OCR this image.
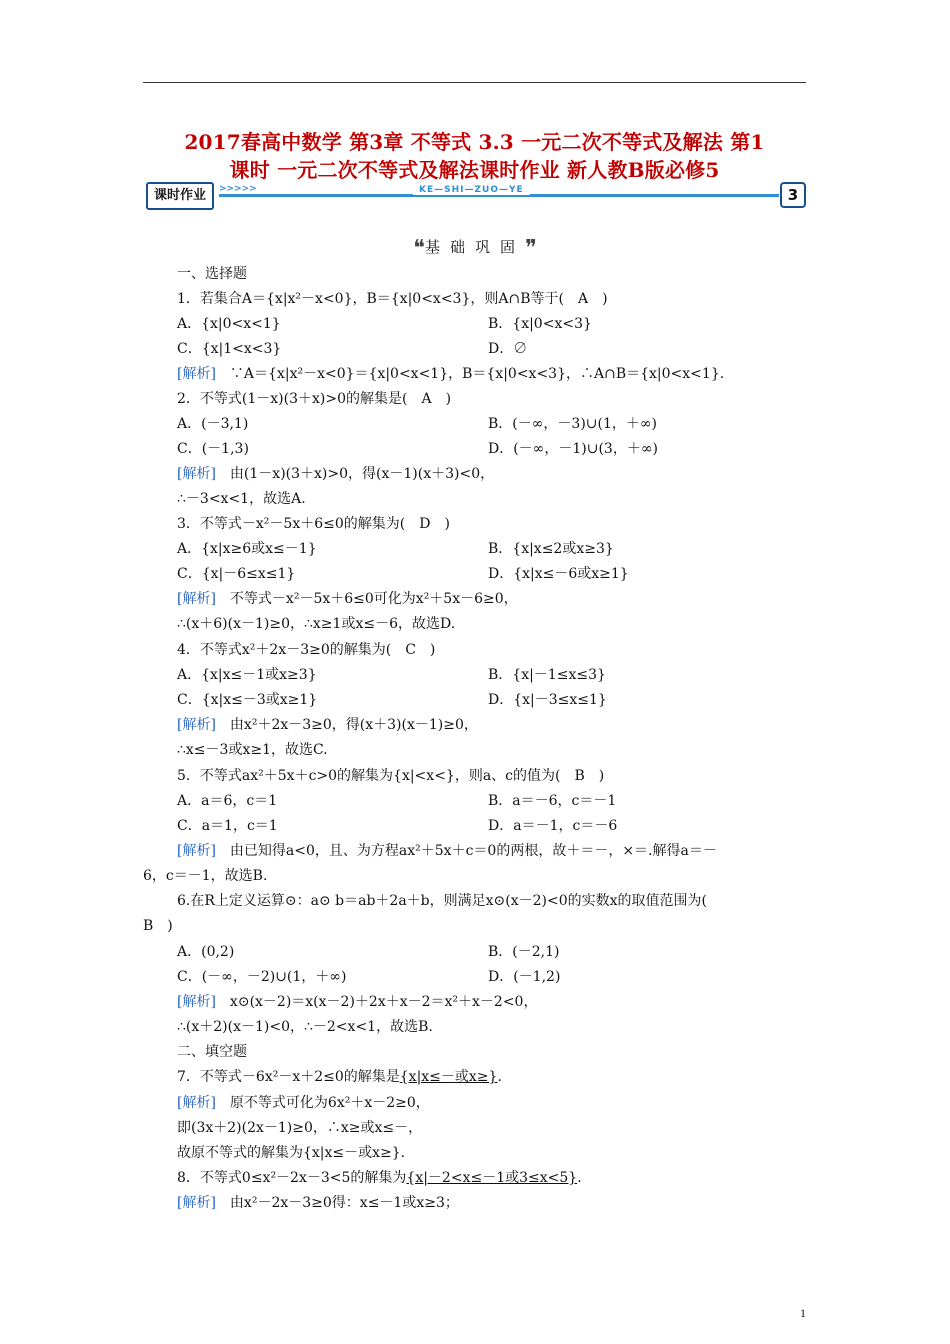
2017春高中数学 第3章 不等式 3.3 一元二次不等式及解法 第1
课时 一元二次不等式及解法课时作业 新人教B版必修5
课时作业	>>>>>	KE—SHI—ZUO—YE	3
❝基础巩固❞
一、选择题
1．若集合A＝{x|x²－x<0}，B＝{x|0<x<3}，则A∩B等于(　A　)
A．{x|0<x<1}	B．{x|0<x<3}
C．{x|1<x<3}	D．∅
[解析]　∵A＝{x|x²－x<0}＝{x|0<x<1}，B＝{x|0<x<3}，∴A∩B＝{x|0<x<1}.
2．不等式(1－x)(3＋x)>0的解集是(　A　)
A．(－3,1)	B．(－∞，－3)∪(1，＋∞)
C．(－1,3)	D．(－∞，－1)∪(3，＋∞)
[解析]　由(1－x)(3＋x)>0，得(x－1)(x＋3)<0，
∴－3<x<1，故选A.
3．不等式－x²－5x＋6≤0的解集为(　D　)
A．{x|x≥6或x≤－1}	B．{x|x≤2或x≥3}
C．{x|－6≤x≤1}	D．{x|x≤－6或x≥1}
[解析]　不等式－x²－5x＋6≤0可化为x²＋5x－6≥0，
∴(x＋6)(x－1)≥0，∴x≥1或x≤－6，故选D.
4．不等式x²＋2x－3≥0的解集为(　C　)
A．{x|x≤－1或x≥3}	B．{x|－1≤x≤3}
C．{x|x≤－3或x≥1}	D．{x|－3≤x≤1}
[解析]　由x²＋2x－3≥0，得(x＋3)(x－1)≥0，
∴x≤－3或x≥1，故选C.
5．不等式ax²＋5x＋c>0的解集为{x|<x<}，则a、c的值为(　B　)
A．a＝6，c＝1	B．a＝－6，c＝－1
C．a＝1，c＝1	D．a＝－1，c＝－6
[解析]　由已知得a<0，且、为方程ax²＋5x＋c＝0的两根，故＋＝－，×＝.解得a＝－
6，c＝－1，故选B.
6.在R上定义运算⊙：a⊙ b＝ab＋2a＋b，则满足x⊙(x－2)<0的实数x的取值范围为(
B　)
A．(0,2)	B．(－2,1)
C．(－∞，－2)∪(1，＋∞)	D．(－1,2)
[解析]　x⊙(x－2)＝x(x－2)＋2x＋x－2＝x²＋x－2<0，
∴(x＋2)(x－1)<0，∴－2<x<1，故选B.
二、填空题
7．不等式－6x²－x＋2≤0的解集是{x|x≤－或x≥}.
[解析]　原不等式可化为6x²＋x－2≥0，
即(3x＋2)(2x－1)≥0，∴x≥或x≤－，
故原不等式的解集为{x|x≤－或x≥}.
8．不等式0≤x²－2x－3<5的解集为{x|－2<x≤－1或3≤x<5}.
[解析]　由x²－2x－3≥0得：x≤－1或x≥3；
1
